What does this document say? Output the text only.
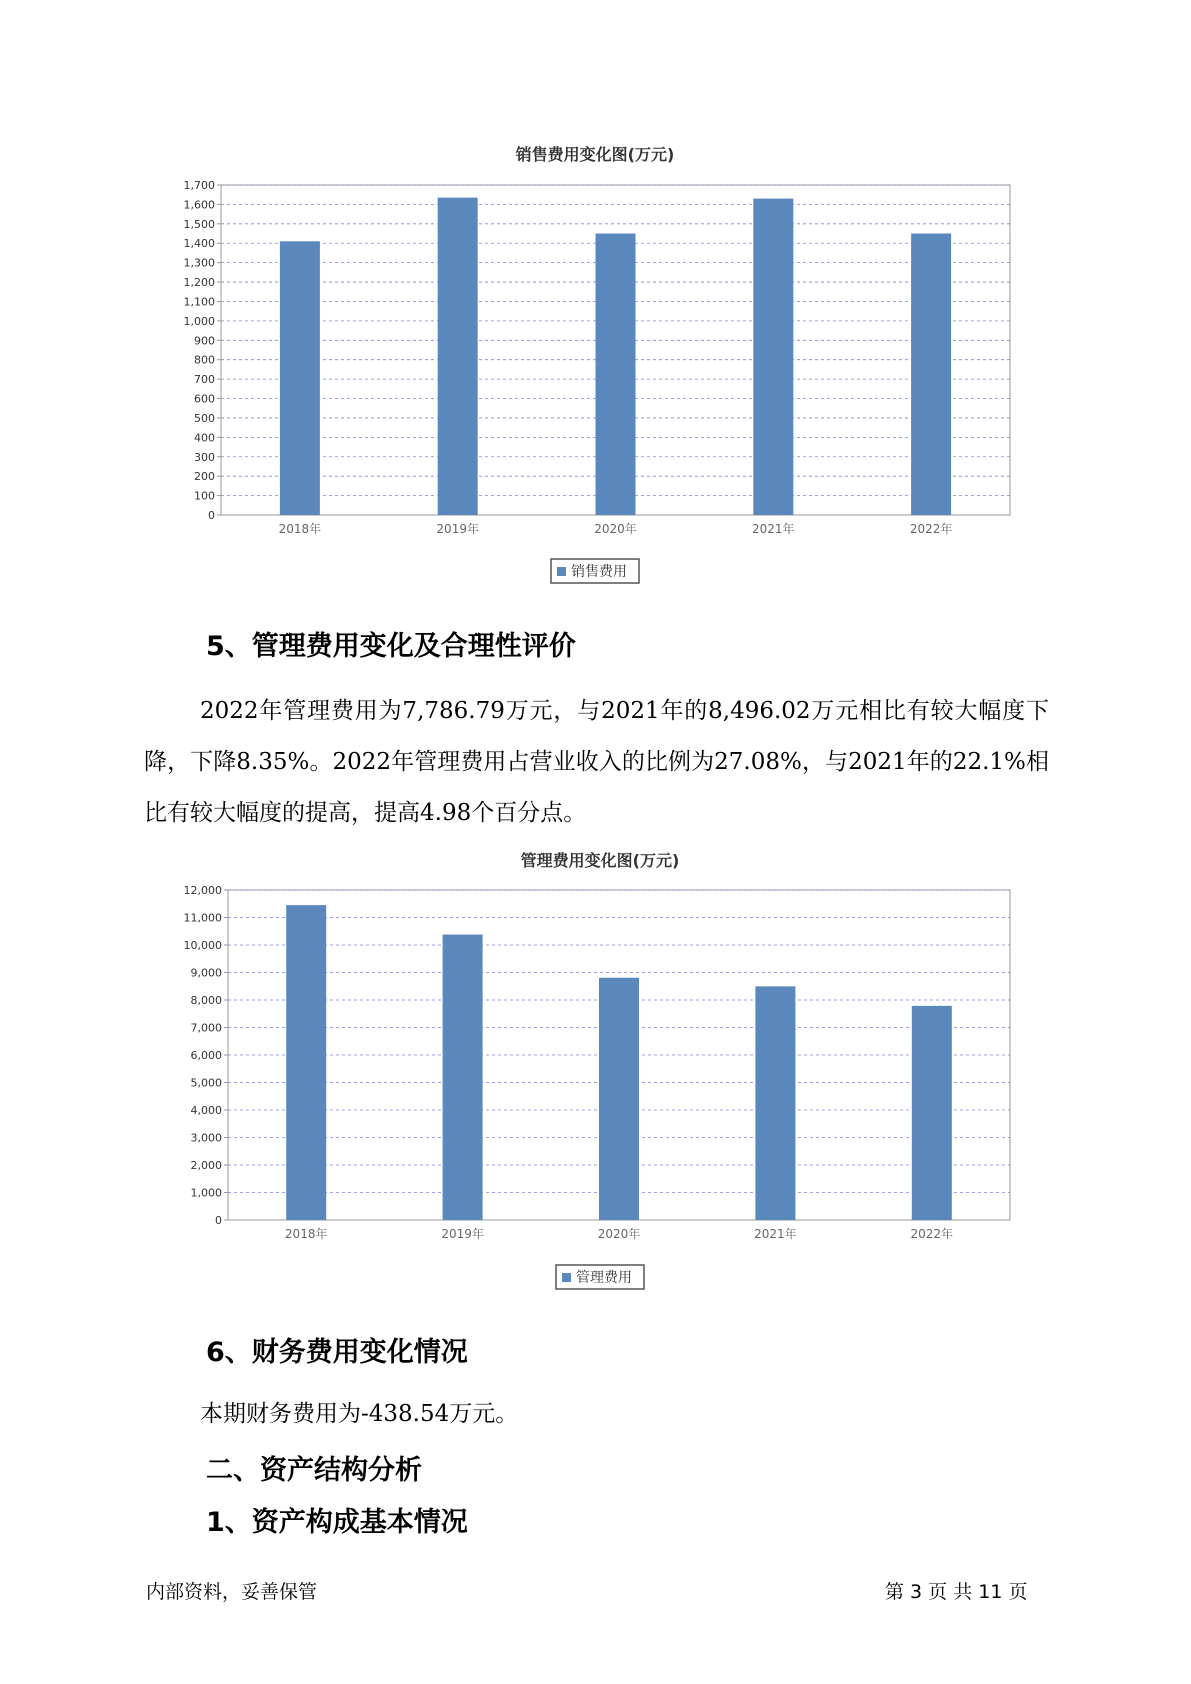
销售费用变化图(万元)
0
100
200
300
400
500
600
700
800
900
1,000
1,100
1,200
1,300
1,400
1,500
1,600
1,700
2018年	2019年	2020年	2021年	2022年
销售费用
管理费用变化图(万元)
0
1,000
2,000
3,000
4,000
5,000
6,000
7,000
8,000
9,000
10,000
11,000
12,000
2018年	2019年	2020年	2021年	2022年
管理费用
5、管理费用变化及合理性评价

2022年管理费用为7,786.79万元，与2021年的8,496.02万元相比有较大幅度下降，下降8.35%。2022年管理费用占营业收入的比例为27.08%，与2021年的22.1%相比有较大幅度的提高，提高4.98个百分点。

6、财务费用变化情况

本期财务费用为-438.54万元。

二、资产结构分析
1、资产构成基本情况

内部资料，妥善保管	第 3 页 共 11 页
